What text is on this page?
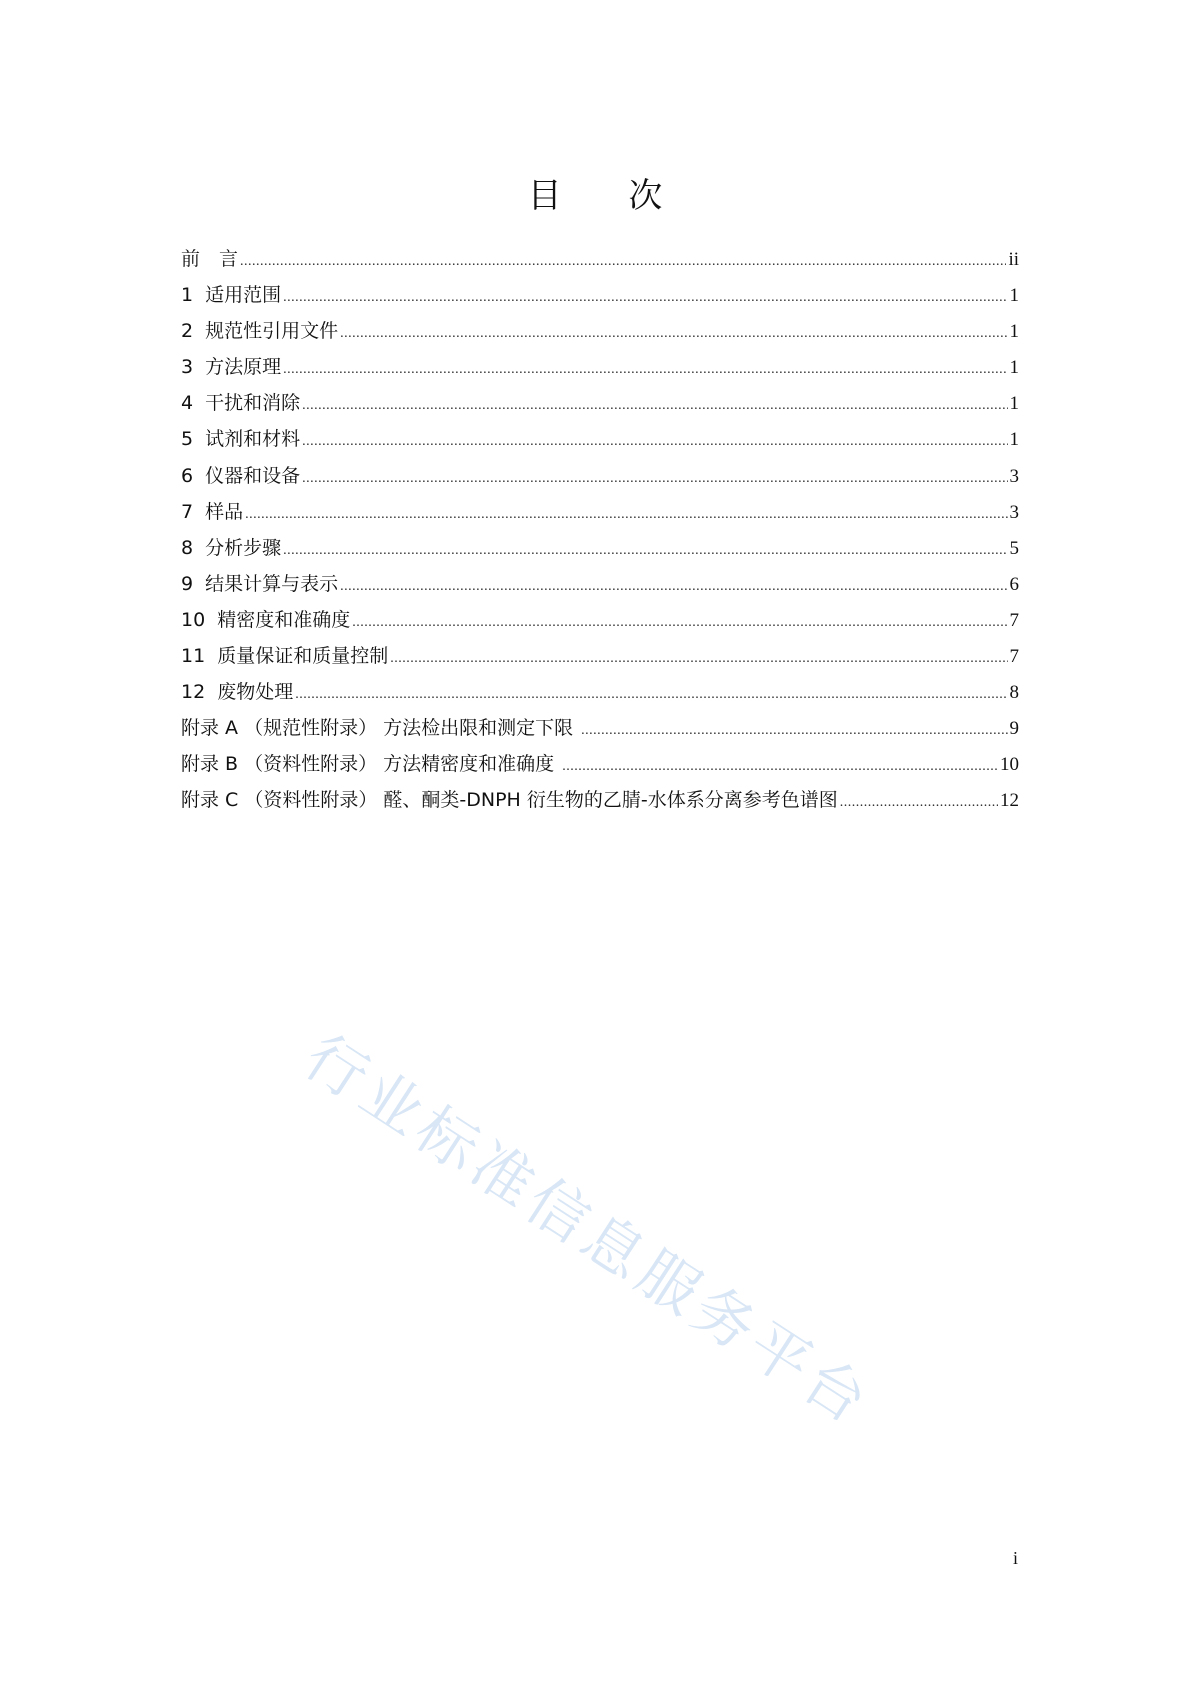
目 次
前　言 .....	ii
1  适用范围 .....	1
2  规范性引用文件 .....	1
3  方法原理 .....	1
4  干扰和消除 .....	1
5  试剂和材料 .....	1
6  仪器和设备 .....	3
7  样品 .....	3
8  分析步骤 .....	5
9  结果计算与表示 .....	6
10  精密度和准确度 .....	7
11  质量保证和质量控制 .....	7
12  废物处理 .....	8
附录 A （规范性附录） 方法检出限和测定下限 .....	9
附录 B （资料性附录） 方法精密度和准确度 .....	10
附录 C （资料性附录） 醛、酮类-DNPH 衍生物的乙腈-水体系分离参考色谱图 .....	12
行业标准信息服务平台
i
